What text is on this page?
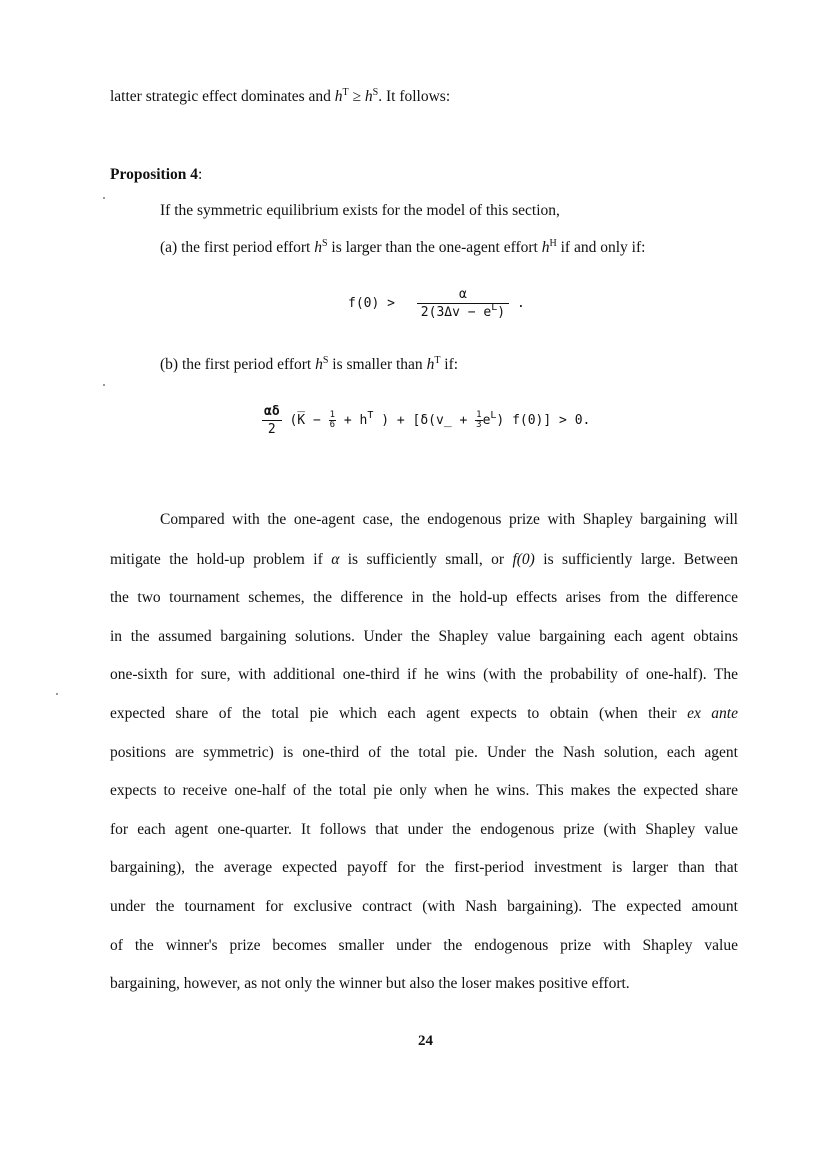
latter strategic effect dominates and $h^T \ge h^S$. It follows:
Proposition 4:
If the symmetric equilibrium exists for the model of this section,
(a) the first period effort $h^S$ is larger than the one-agent effort $h^H$ if and only if:
$f(0) > \frac{\alpha}{2(3\Delta v - e^L)}$ .
(b) the first period effort $h^S$ is smaller than $h^T$ if:
$\frac{\alpha\delta}{2}$ (K̅ − $\frac{1}{6} + h^T$ ) + [δ(v̲ + $\frac{1}{3} e^L$) f(0)] > 0.
Compared with the one-agent case, the endogenous prize with Shapley bargaining will
mitigate the hold-up problem if α is sufficiently small, or f(0) is sufficiently large. Between
the two tournament schemes, the difference in the hold-up effects arises from the difference
in the assumed bargaining solutions. Under the Shapley value bargaining each agent obtains
one-sixth for sure, with additional one-third if he wins (with the probability of one-half). The
expected share of the total pie which each agent expects to obtain (when their ex ante
positions are symmetric) is one-third of the total pie. Under the Nash solution, each agent
expects to receive one-half of the total pie only when he wins. This makes the expected share
for each agent one-quarter. It follows that under the endogenous prize (with Shapley value
bargaining), the average expected payoff for the first-period investment is larger than that
under the tournament for exclusive contract (with Nash bargaining). The expected amount
of the winner's prize becomes smaller under the endogenous prize with Shapley value
bargaining, however, as not only the winner but also the loser makes positive effort.
24
